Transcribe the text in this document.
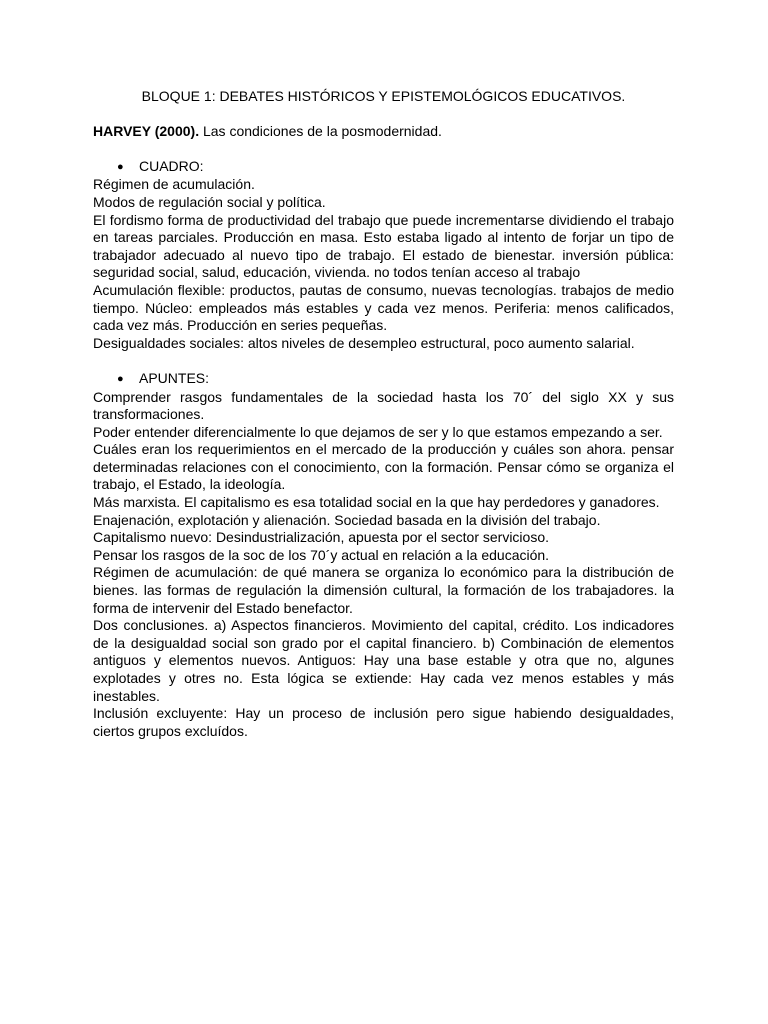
BLOQUE 1: DEBATES HISTÓRICOS Y EPISTEMOLÓGICOS EDUCATIVOS.

HARVEY (2000). Las condiciones de la posmodernidad.

● CUADRO:

Régimen de acumulación.

Modos de regulación social y política.

El fordismo forma de productividad del trabajo que puede incrementarse dividiendo el trabajo en tareas parciales. Producción en masa. Esto estaba ligado al intento de forjar un tipo de trabajador adecuado al nuevo tipo de trabajo. El estado de bienestar. inversión pública: seguridad social, salud, educación, vivienda. no todos tenían acceso al trabajo

Acumulación flexible: productos, pautas de consumo, nuevas tecnologías. trabajos de medio tiempo. Núcleo: empleados más estables y cada vez menos. Periferia: menos calificados, cada vez más. Producción en series pequeñas.

Desigualdades sociales: altos niveles de desempleo estructural, poco aumento salarial.

● APUNTES:

Comprender rasgos fundamentales de la sociedad hasta los 70´ del siglo XX y sus transformaciones.

Poder entender diferencialmente lo que dejamos de ser y lo que estamos empezando a ser.

Cuáles eran los requerimientos en el mercado de la producción y cuáles son ahora. pensar determinadas relaciones con el conocimiento, con la formación. Pensar cómo se organiza el trabajo, el Estado, la ideología.

Más marxista. El capitalismo es esa totalidad social en la que hay perdedores y ganadores.

Enajenación, explotación y alienación. Sociedad basada en la división del trabajo.

Capitalismo nuevo: Desindustrialización, apuesta por el sector servicioso.

Pensar los rasgos de la soc de los 70´y actual en relación a la educación.

Régimen de acumulación: de qué manera se organiza lo económico para la distribución de bienes. las formas de regulación la dimensión cultural, la formación de los trabajadores. la forma de intervenir del Estado benefactor.

Dos conclusiones. a) Aspectos financieros. Movimiento del capital, crédito. Los indicadores de la desigualdad social son grado por el capital financiero. b) Combinación de elementos antiguos y elementos nuevos. Antiguos: Hay una base estable y otra que no, algunes explotades y otres no. Esta lógica se extiende: Hay cada vez menos estables y más inestables.

Inclusión excluyente: Hay un proceso de inclusión pero sigue habiendo desigualdades, ciertos grupos excluídos.
